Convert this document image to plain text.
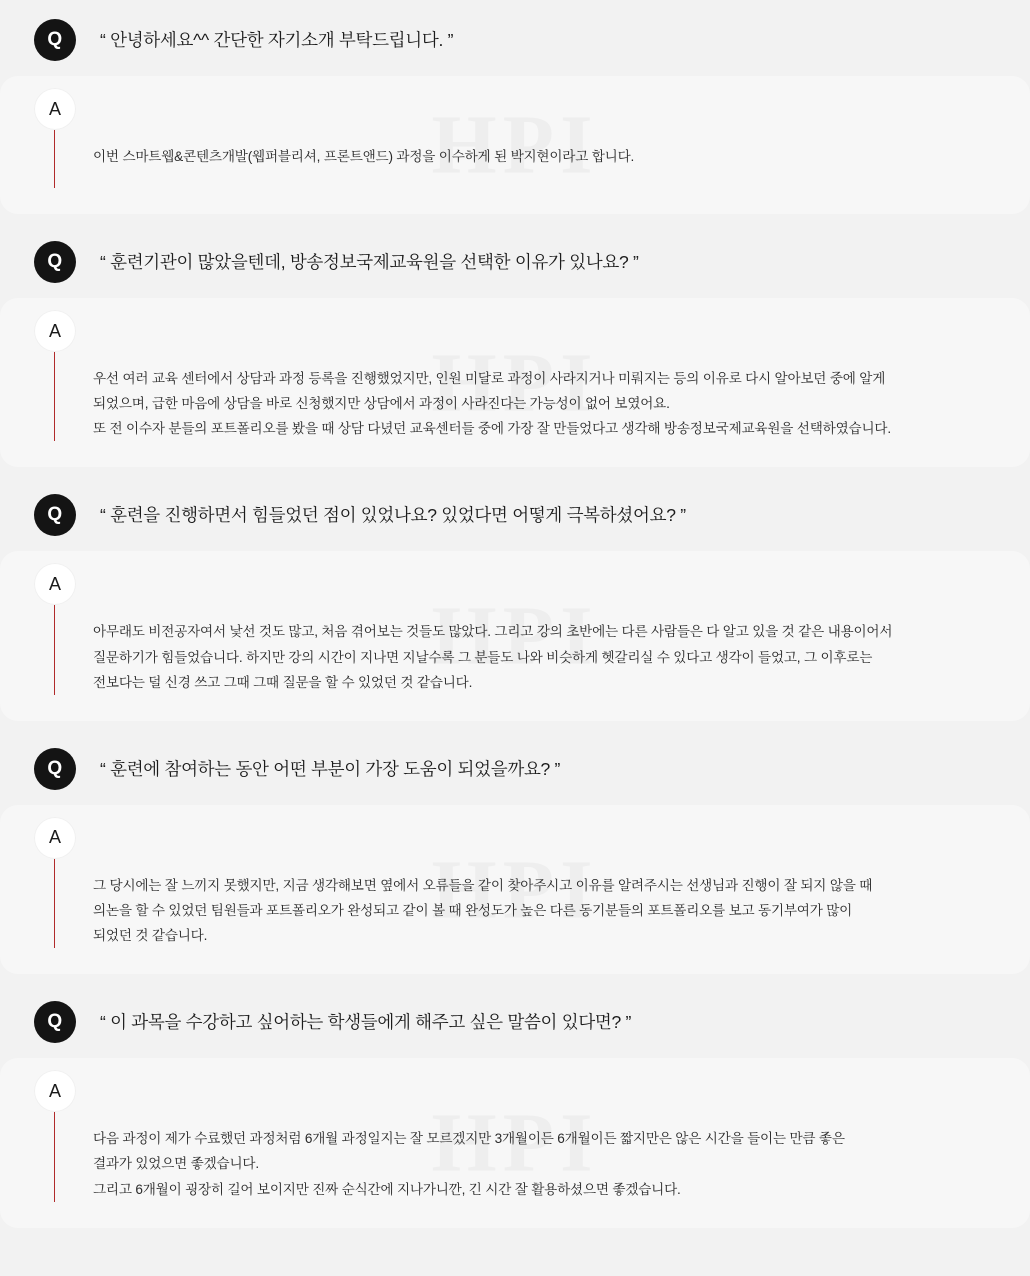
Q	“ 안녕하세요^^ 간단한 자기소개 부탁드립니다. ”
A
이번 스마트웹&콘텐츠개발(웹퍼블리셔, 프론트앤드) 과정을 이수하게 된 박지현이라고 합니다.
Q	“ 훈련기관이 많았을텐데, 방송정보국제교육원을 선택한 이유가 있나요? ”
A
우선 여러 교육 센터에서 상담과 과정 등록을 진행했었지만, 인원 미달로 과정이 사라지거나 미뤄지는 등의 이유로 다시 알아보던 중에 알게
되었으며, 급한 마음에 상담을 바로 신청했지만 상담에서 과정이 사라진다는 가능성이 없어 보였어요.
또 전 이수자 분들의 포트폴리오를 봤을 때 상담 다녔던 교육센터들 중에 가장 잘 만들었다고 생각해 방송정보국제교육원을 선택하였습니다.
Q	“ 훈련을 진행하면서 힘들었던 점이 있었나요? 있었다면 어떻게 극복하셨어요? ”
A
아무래도 비전공자여서 낯선 것도 많고, 처음 겪어보는 것들도 많았다. 그리고 강의 초반에는 다른 사람들은 다 알고 있을 것 같은 내용이어서
질문하기가 힘들었습니다. 하지만 강의 시간이 지나면 지날수록 그 분들도 나와 비슷하게 헷갈리실 수 있다고 생각이 들었고, 그 이후로는
전보다는 덜 신경 쓰고 그때 그때 질문을 할 수 있었던 것 같습니다.
Q	“ 훈련에 참여하는 동안 어떤 부분이 가장 도움이 되었을까요? ”
A
그 당시에는 잘 느끼지 못했지만, 지금 생각해보면 옆에서 오류들을 같이 찾아주시고 이유를 알려주시는 선생님과 진행이 잘 되지 않을 때
의논을 할 수 있었던 팀원들과 포트폴리오가 완성되고 같이 볼 때 완성도가 높은 다른 동기분들의 포트폴리오를 보고 동기부여가 많이
되었던 것 같습니다.
Q	“ 이 과목을 수강하고 싶어하는 학생들에게 해주고 싶은 말씀이 있다면? ”
A
다음 과정이 제가 수료했던 과정처럼 6개월 과정일지는 잘 모르겠지만 3개월이든 6개월이든 짧지만은 않은 시간을 들이는 만큼 좋은
결과가 있었으면 좋겠습니다.
그리고 6개월이 굉장히 길어 보이지만 진짜 순식간에 지나가니깐, 긴 시간 잘 활용하셨으면 좋겠습니다.
